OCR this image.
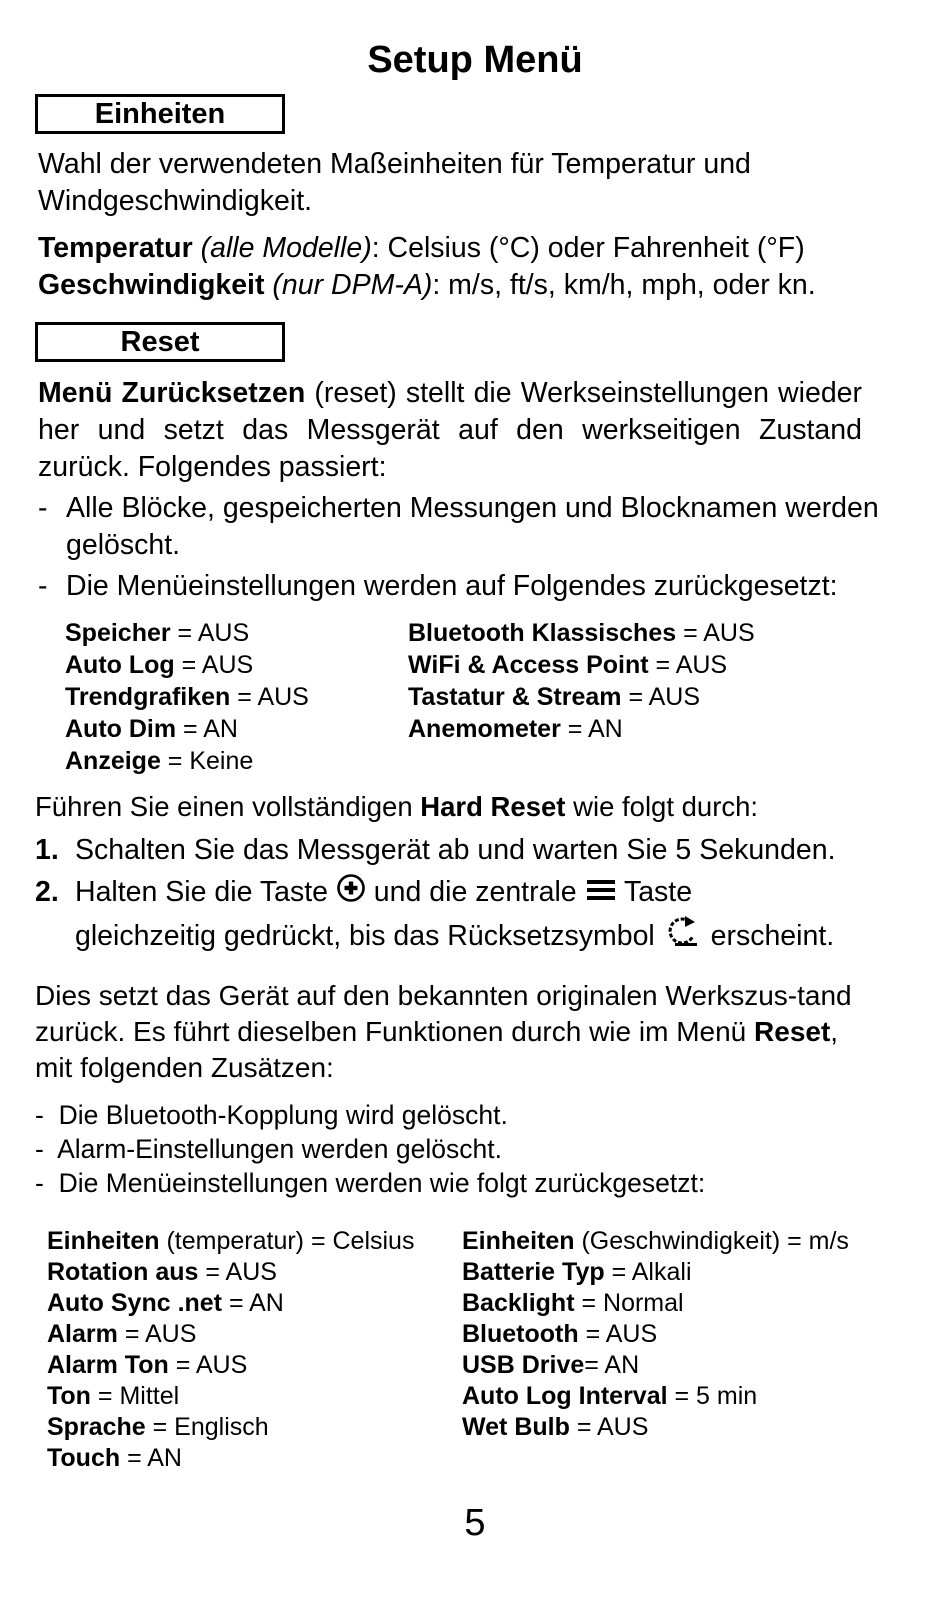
Setup Menü
Einheiten

Wahl der verwendeten Maßeinheiten für Temperatur und Windgeschwindigkeit.

Temperatur (alle Modelle): Celsius (°C) oder Fahrenheit (°F)
Geschwindigkeit (nur DPM-A): m/s, ft/s, km/h, mph, oder kn.
Reset

Menü Zurücksetzen (reset) stellt die Werkseinstellungen wieder her und setzt das Messgerät auf den werkseitigen Zustand zurück. Folgendes passiert:

- Alle Blöcke, gespeicherten Messungen und Blocknamen werden gelöscht.
- Die Menüeinstellungen werden auf Folgendes zurückgesetzt:
Speicher = AUS
Auto Log = AUS
Trendgrafiken = AUS
Auto Dim = AN
Anzeige = Keine
Bluetooth Klassisches = AUS
WiFi & Access Point = AUS
Tastatur & Stream = AUS
Anemometer = AN
Führen Sie einen vollständigen Hard Reset wie folgt durch:
1. Schalten Sie das Messgerät ab und warten Sie 5 Sekunden.
2. Halten Sie die Taste  und die zentrale  Taste
gleichzeitig gedrückt, bis das Rücksetzsymbol  erscheint.

Dies setzt das Gerät auf den bekannten originalen Werkszus-tand zurück. Es führt dieselben Funktionen durch wie im Menü Reset, mit folgenden Zusätzen:

-  Die Bluetooth-Kopplung wird gelöscht.
-  Alarm-Einstellungen werden gelöscht.
-  Die Menüeinstellungen werden wie folgt zurückgesetzt:
Einheiten (temperatur) = Celsius
Rotation aus = AUS
Auto Sync .net = AN
Alarm = AUS
Alarm Ton = AUS
Ton = Mittel
Sprache = Englisch
Touch = AN
Einheiten (Geschwindigkeit) = m/s
Batterie Typ = Alkali
Backlight = Normal
Bluetooth = AUS
USB Drive= AN
Auto Log Interval = 5 min
Wet Bulb = AUS
5
